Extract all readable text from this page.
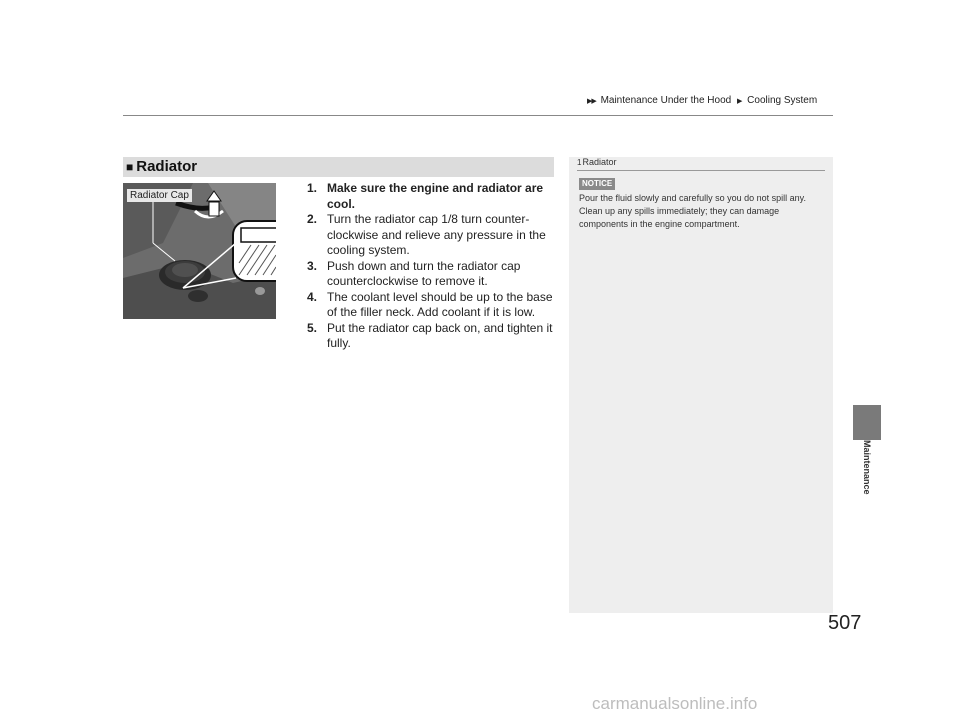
▶▶ Maintenance Under the Hood ▶ Cooling System
Maintenance
■ Radiator
Radiator Cap

1. Make sure the engine and radiator are cool.

2. Turn the radiator cap 1/8 turn counter-clockwise and relieve any pressure in the cooling system.

3. Push down and turn the radiator cap counterclockwise to remove it.

4. The coolant level should be up to the base of the filler neck. Add coolant if it is low.

5. Put the radiator cap back on, and tighten it fully.

1Radiator
NOTICE
Pour the fluid slowly and carefully so you do not spill any. Clean up any spills immediately; they can damage components in the engine compartment.
507
carmanualsonline.info
